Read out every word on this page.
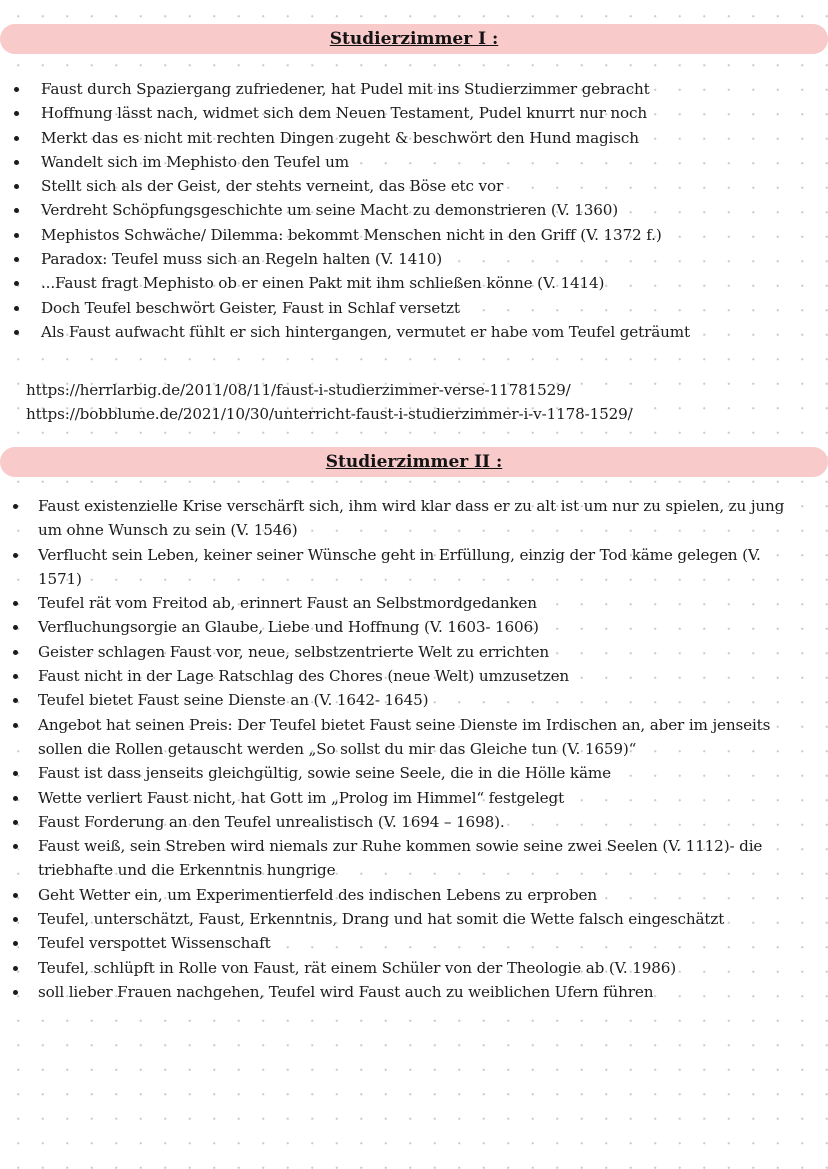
Studierzimmer I :
Faust durch Spaziergang zufriedener, hat Pudel mit ins Studierzimmer gebracht
Hoffnung lässt nach, widmet sich dem Neuen Testament, Pudel knurrt nur noch
Merkt das es nicht mit rechten Dingen zugeht & beschwört den Hund magisch
Wandelt sich im Mephisto den Teufel um
Stellt sich als der Geist, der stehts verneint, das Böse etc vor
Verdreht Schöpfungsgeschichte um seine Macht zu demonstrieren (V. 1360)
Mephistos Schwäche/ Dilemma: bekommt Menschen nicht in den Griff (V. 1372 f.)
Paradox: Teufel muss sich an Regeln halten (V. 1410)
...Faust fragt Mephisto ob er einen Pakt mit ihm schließen könne (V. 1414)
Doch Teufel beschwört Geister, Faust in Schlaf versetzt
Als Faust aufwacht fühlt er sich hintergangen, vermutet er habe vom Teufel geträumt
https://herrlarbig.de/2011/08/11/faust-i-studierzimmer-verse-11781529/
https://bobblume.de/2021/10/30/unterricht-faust-i-studierzimmer-i-v-1178-1529/
Studierzimmer II :
Faust existenzielle Krise verschärft sich, ihm wird klar dass er zu alt ist um nur zu spielen, zu jung um ohne Wunsch zu sein (V. 1546)
Verflucht sein Leben, keiner seiner Wünsche geht in Erfüllung, einzig der Tod käme gelegen (V. 1571)
Teufel rät vom Freitod ab, erinnert Faust an Selbstmordgedanken
Verfluchungsorgie an Glaube, Liebe und Hoffnung (V. 1603- 1606)
Geister schlagen Faust vor, neue, selbstzentrierte Welt zu errichten
Faust nicht in der Lage Ratschlag des Chores (neue Welt) umzusetzen
Teufel bietet Faust seine Dienste an (V. 1642- 1645)
Angebot hat seinen Preis: Der Teufel bietet Faust seine Dienste im Irdischen an, aber im jenseits sollen die Rollen getauscht werden „So sollst du mir das Gleiche tun (V. 1659)“
Faust ist dass jenseits gleichgültig, sowie seine Seele, die in die Hölle käme
Wette verliert Faust nicht, hat Gott im „Prolog im Himmel“ festgelegt
Faust Forderung an den Teufel unrealistisch (V. 1694 – 1698).
Faust weiß, sein Streben wird niemals zur Ruhe kommen sowie seine zwei Seelen (V. 1112)- die triebhafte und die Erkenntnis hungrige
Geht Wetter ein, um Experimentierfeld des indischen Lebens zu erproben
Teufel, unterschätzt, Faust, Erkenntnis, Drang und hat somit die Wette falsch eingeschätzt
Teufel verspottet Wissenschaft
Teufel, schlüpft in Rolle von Faust, rät einem Schüler von der Theologie ab (V. 1986)
soll lieber Frauen nachgehen, Teufel wird Faust auch zu weiblichen Ufern führen
